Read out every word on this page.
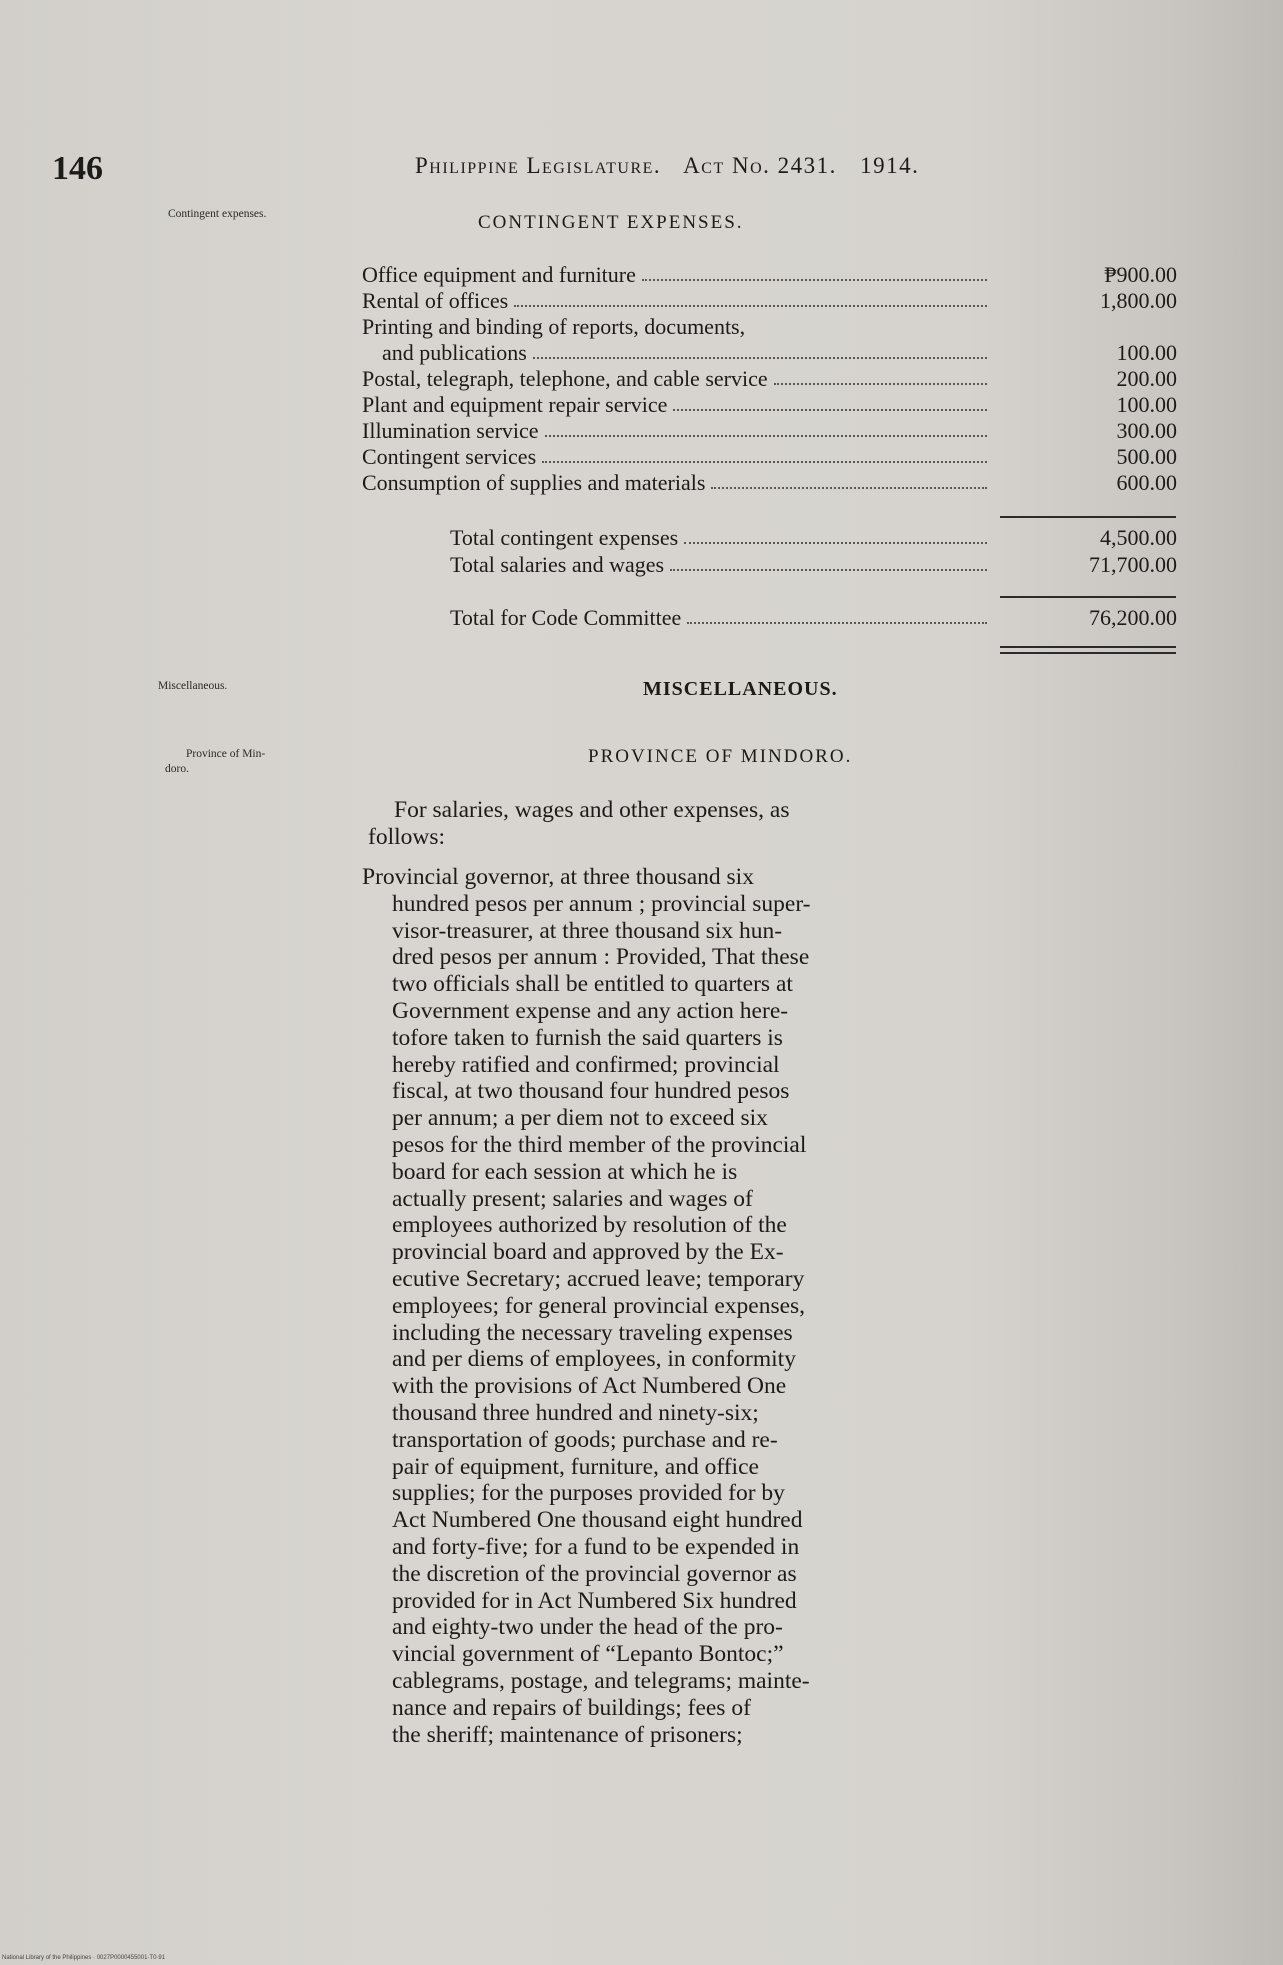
146	Philippine Legislature. Act No. 2431. 1914.
Contingent expenses.	CONTINGENT EXPENSES.
Office equipment and furniture	₱900.00
Rental of offices	1,800.00
Printing and binding of reports, documents,
and publications	100.00
Postal, telegraph, telephone, and cable service	200.00
Plant and equipment repair service	100.00
Illumination service	300.00
Contingent services	500.00
Consumption of supplies and materials	600.00
Total contingent expenses	4,500.00
Total salaries and wages	71,700.00
Total for Code Committee	76,200.00
Miscellaneous.	MISCELLANEOUS.
Province of Min-
doro.
PROVINCE OF MINDORO.
For salaries, wages and other expenses, as
follows:
Provincial governor, at three thousand six
hundred pesos per annum ; provincial super-
visor-treasurer, at three thousand six hun-
dred pesos per annum : Provided, That these
two officials shall be entitled to quarters at
Government expense and any action here-
tofore taken to furnish the said quarters is
hereby ratified and confirmed; provincial
fiscal, at two thousand four hundred pesos
per annum; a per diem not to exceed six
pesos for the third member of the provincial
board for each session at which he is
actually present; salaries and wages of
employees authorized by resolution of the
provincial board and approved by the Ex-
ecutive Secretary; accrued leave; temporary
employees; for general provincial expenses,
including the necessary traveling expenses
and per diems of employees, in conformity
with the provisions of Act Numbered One
thousand three hundred and ninety-six;
transportation of goods; purchase and re-
pair of equipment, furniture, and office
supplies; for the purposes provided for by
Act Numbered One thousand eight hundred
and forty-five; for a fund to be expended in
the discretion of the provincial governor as
provided for in Act Numbered Six hundred
and eighty-two under the head of the pro-
vincial government of “Lepanto Bontoc;”
cablegrams, postage, and telegrams; mainte-
nance and repairs of buildings; fees of
the sheriff; maintenance of prisoners;
National Library of the Philippines · 0027P0000455001·T0·91
